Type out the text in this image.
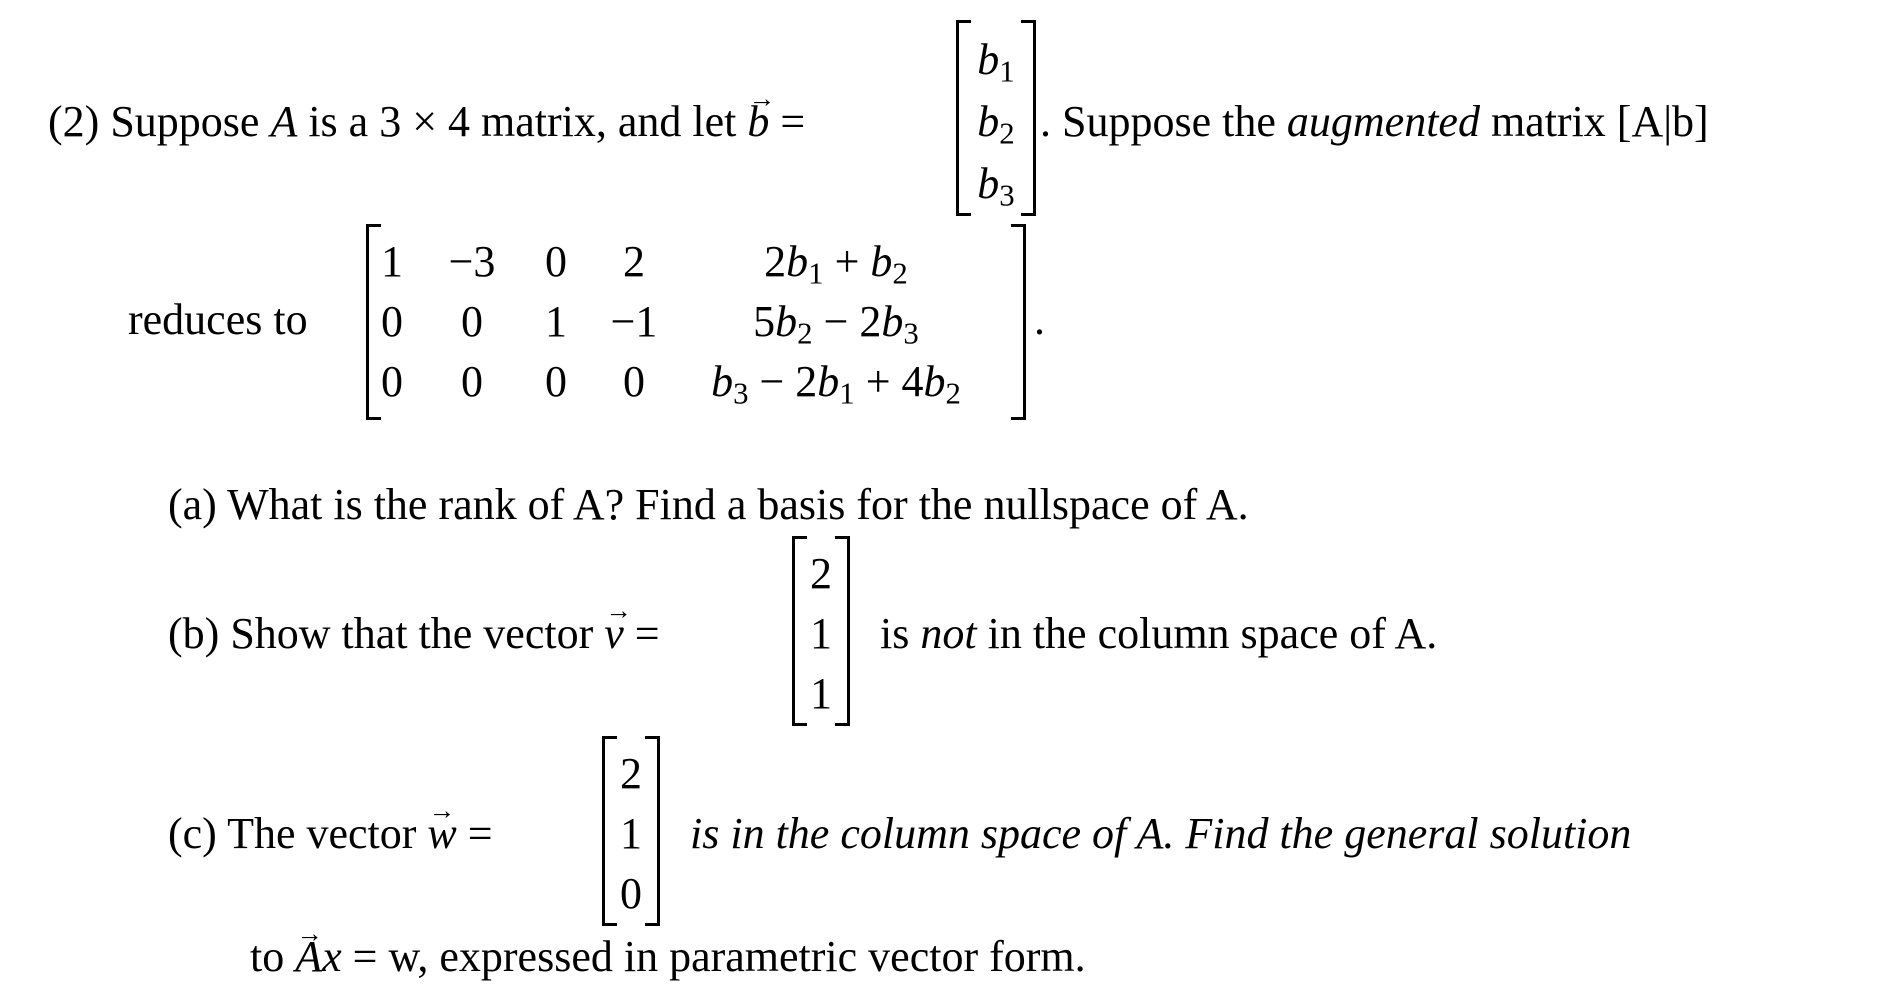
(2) Suppose A is a 3 × 4 matrix, and let → b =
$b_1$
$b_2$
$b_3$
. Suppose the augmented matrix [A|b]
reduces to
1 −3 0 2	$2b_1 + b_2$
0 0 1 −1 $5b_2 - 2b_3$
0 0 0 0 $b_3 - 2b_1 + 4b_2$
.
(a) What is the rank of A? Find a basis for the nullspace of A.
(b) Show that the vector → v =
2
1
1
is not in the column space of A.
(c) The vector → w =
2
1
0
is in the column space of A. Find the general solution
to → Ax = w, expressed in parametric vector form.
